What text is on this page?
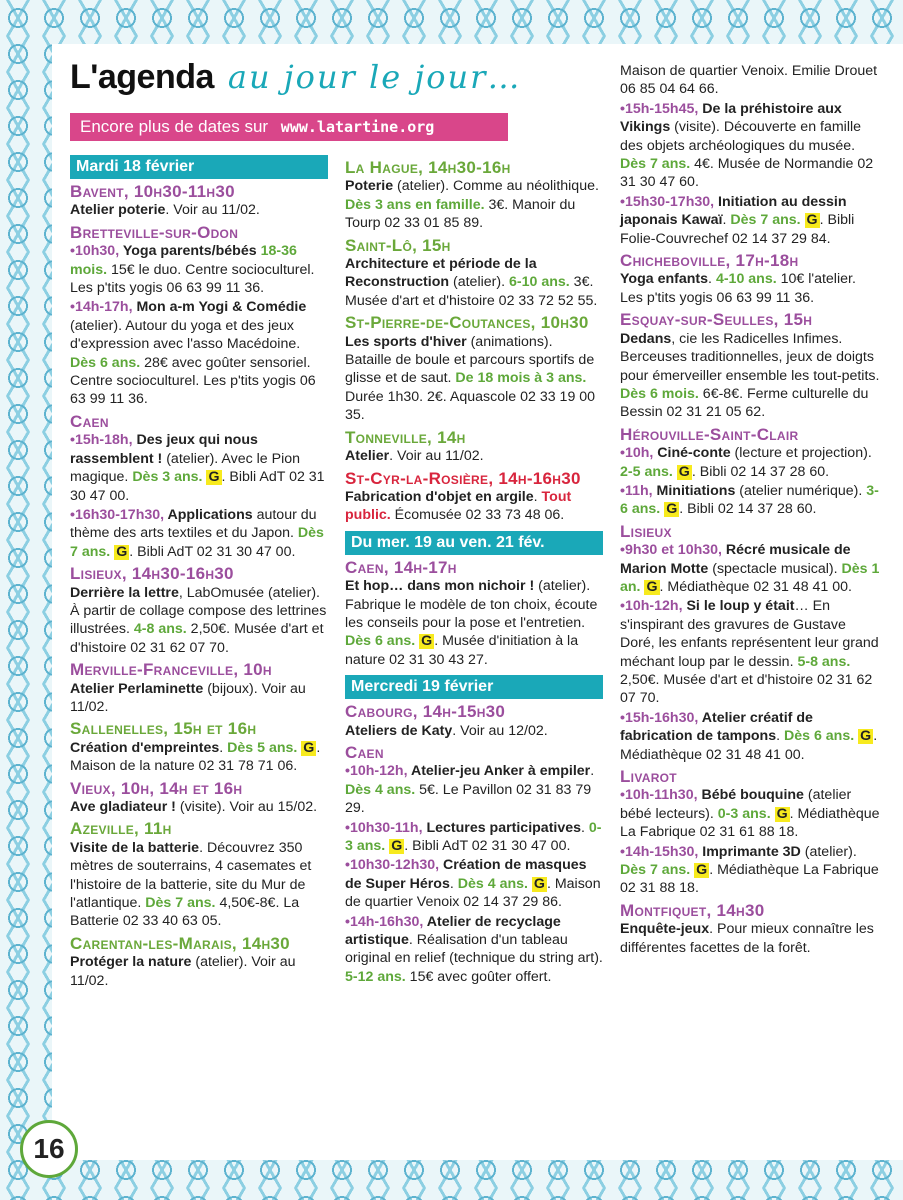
L'agenda au jour le jour…
Encore plus de dates sur www.latartine.org
Mardi 18 février
Bavent, 10h30-11h30
Atelier poterie. Voir au 11/02.
Bretteville-sur-Odon
•10h30, Yoga parents/bébés 18-36 mois. 15€ le duo. Centre socioculturel. Les p'tits yogis 06 63 99 11 36.
•14h-17h, Mon a-m Yogi & Comédie (atelier). Autour du yoga et des jeux d'expression avec l'asso Macédoine. Dès 6 ans. 28€ avec goûter sensoriel. Centre socioculturel. Les p'tits yogis 06 63 99 11 36.
Caen
•15h-18h, Des jeux qui nous rassemblent ! (atelier). Avec le Pion magique. Dès 3 ans. G . Bibli AdT 02 31 30 47 00.
•16h30-17h30, Applications autour du thème des arts textiles et du Japon. Dès 7 ans. G . Bibli AdT 02 31 30 47 00.
Lisieux, 14h30-16h30
Derrière la lettre, LabOmusée (atelier). À partir de collage compose des lettrines illustrées. 4-8 ans. 2,50€. Musée d'art et d'histoire 02 31 62 07 70.
Merville-Franceville, 10h
Atelier Perlaminette (bijoux). Voir au 11/02.
Sallenelles, 15h et 16h
Création d'empreintes. Dès 5 ans. G . Maison de la nature 02 31 78 71 06.
Vieux, 10h, 14h et 16h
Ave gladiateur ! (visite). Voir au 15/02.
Azeville, 11h
Visite de la batterie. Découvrez 350 mètres de souterrains, 4 casemates et l'histoire de la batterie, site du Mur de l'atlantique. Dès 7 ans. 4,50€-8€. La Batterie 02 33 40 63 05.
Carentan-les-Marais, 14h30
Protéger la nature (atelier). Voir au 11/02.
La Hague, 14h30-16h
Poterie (atelier). Comme au néolithique. Dès 3 ans en famille. 3€. Manoir du Tourp 02 33 01 85 89.
Saint-Lô, 15h
Architecture et période de la Reconstruction (atelier). 6-10 ans. 3€. Musée d'art et d'histoire 02 33 72 52 55.
St-Pierre-de-Coutances, 10h30
Les sports d'hiver (animations). Bataille de boule et parcours sportifs de glisse et de saut. De 18 mois à 3 ans. Durée 1h30. 2€. Aquascole 02 33 19 00 35.
Tonneville, 14h
Atelier. Voir au 11/02.
St-Cyr-la-Rosière, 14h-16h30
Fabrication d'objet en argile. Tout public. Écomusée 02 33 73 48 06.
Du mer. 19 au ven. 21 fév.
Caen, 14h-17h
Et hop… dans mon nichoir ! (atelier). Fabrique le modèle de ton choix, écoute les conseils pour la pose et l'entretien. Dès 6 ans. G . Musée d'initiation à la nature 02 31 30 43 27.
Mercredi 19 février
Cabourg, 14h-15h30
Ateliers de Katy. Voir au 12/02.
Caen
•10h-12h, Atelier-jeu Anker à empiler. Dès 4 ans. 5€. Le Pavillon 02 31 83 79 29.
•10h30-11h, Lectures participatives. 0-3 ans. G . Bibli AdT 02 31 30 47 00.
•10h30-12h30, Création de masques de Super Héros. Dès 4 ans. G . Maison de quartier Venoix 02 14 37 29 86.
•14h-16h30, Atelier de recyclage artistique. Réalisation d'un tableau original en relief (technique du string art). 5-12 ans. 15€ avec goûter offert.
Maison de quartier Venoix. Emilie Drouet 06 85 04 64 66.
•15h-15h45, De la préhistoire aux Vikings (visite). Découverte en famille des objets archéologiques du musée. Dès 7 ans. 4€. Musée de Normandie 02 31 30 47 60.
•15h30-17h30, Initiation au dessin japonais Kawaï. Dès 7 ans. G . Bibli Folie-Couvrechef 02 14 37 29 84.
Chicheboville, 17h-18h
Yoga enfants. 4-10 ans. 10€ l'atelier. Les p'tits yogis 06 63 99 11 36.
Esquay-sur-Seulles, 15h
Dedans, cie les Radicelles Infimes. Berceuses traditionnelles, jeux de doigts pour émerveiller ensemble les tout-petits. Dès 6 mois. 6€-8€. Ferme culturelle du Bessin 02 31 21 05 62.
Hérouville-Saint-Clair
•10h, Ciné-conte (lecture et projection). 2-5 ans. G . Bibli 02 14 37 28 60.
•11h, Minitiations (atelier numérique). 3-6 ans. G . Bibli 02 14 37 28 60.
Lisieux
•9h30 et 10h30, Récré musicale de Marion Motte (spectacle musical). Dès 1 an. G . Médiathèque 02 31 48 41 00.
•10h-12h, Si le loup y était… En s'inspirant des gravures de Gustave Doré, les enfants représentent leur grand méchant loup par le dessin. 5-8 ans. 2,50€. Musée d'art et d'histoire 02 31 62 07 70.
•15h-16h30, Atelier créatif de fabrication de tampons. Dès 6 ans. G . Médiathèque 02 31 48 41 00.
Livarot
•10h-11h30, Bébé bouquine (atelier bébé lecteurs). 0-3 ans. G . Médiathèque La Fabrique 02 31 61 88 18.
•14h-15h30, Imprimante 3D (atelier). Dès 7 ans. G . Médiathèque La Fabrique 02 31 88 18.
Montfiquet, 14h30
Enquête-jeux. Pour mieux connaître les différentes facettes de la forêt.
16
